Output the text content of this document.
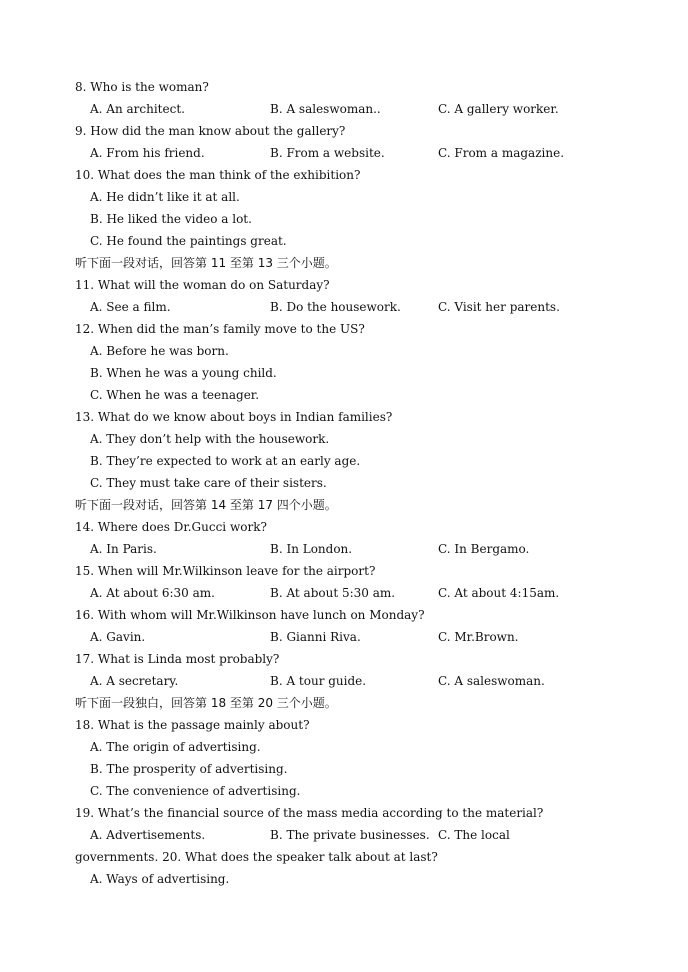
8. Who is the woman?
A. An architect.	B. A saleswoman..	C. A gallery worker.
9. How did the man know about the gallery?
A. From his friend.	B. From a website.	C. From a magazine.
10. What does the man think of the exhibition?
A. He didn’t like it at all.
B. He liked the video a lot.
C. He found the paintings great.
听下面一段对话，回答第 11 至第 13 三个小题。
11. What will the woman do on Saturday?
A. See a film.	B. Do the housework.	C. Visit her parents.
12. When did the man’s family move to the US?
A. Before he was born.
B. When he was a young child.
C. When he was a teenager.
13. What do we know about boys in Indian families?
A. They don’t help with the housework.
B. They’re expected to work at an early age.
C. They must take care of their sisters.
听下面一段对话，回答第 14 至第 17 四个小题。
14. Where does Dr.Gucci work?
A. In Paris.	B. In London.	C. In Bergamo.
15. When will Mr.Wilkinson leave for the airport?
A. At about 6:30 am.	B. At about 5:30 am.	C. At about 4:15am.
16. With whom will Mr.Wilkinson have lunch on Monday?
A. Gavin.	B. Gianni Riva.	C. Mr.Brown.
17. What is Linda most probably?
A. A secretary.	B. A tour guide.	C. A saleswoman.
听下面一段独白，回答第 18 至第 20 三个小题。
18. What is the passage mainly about?
A. The origin of advertising.
B. The prosperity of advertising.
C. The convenience of advertising.
19. What’s the financial source of the mass media according to the material?
A. Advertisements.	B. The private businesses. C. The local
governments. 20. What does the speaker talk about at last?
A. Ways of advertising.
